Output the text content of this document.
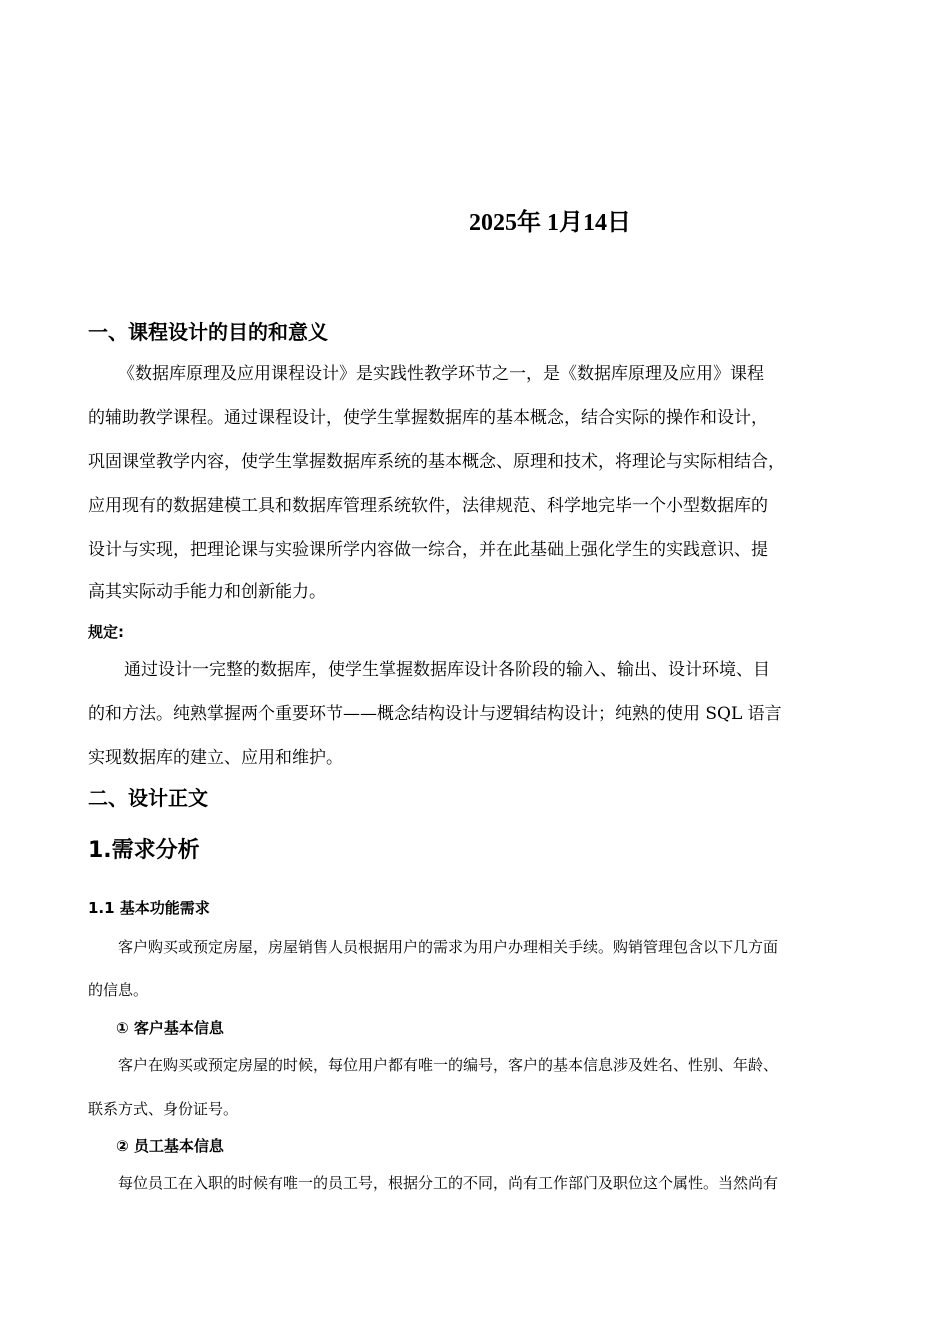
2025年 1月14日
一、课程设计的目的和意义
《数据库原理及应用课程设计》是实践性教学环节之一，是《数据库原理及应用》课程
的辅助教学课程。通过课程设计，使学生掌握数据库的基本概念，结合实际的操作和设计，
巩固课堂教学内容，使学生掌握数据库系统的基本概念、原理和技术，将理论与实际相结合，
应用现有的数据建模工具和数据库管理系统软件，法律规范、科学地完毕一个小型数据库的
设计与实现，把理论课与实验课所学内容做一综合，并在此基础上强化学生的实践意识、提
高其实际动手能力和创新能力。
规定:
通过设计一完整的数据库，使学生掌握数据库设计各阶段的输入、输出、设计环境、目
的和方法。纯熟掌握两个重要环节——概念结构设计与逻辑结构设计；纯熟的使用 SQL 语言
实现数据库的建立、应用和维护。
二、设计正文
1.需求分析
1.1 基本功能需求
客户购买或预定房屋，房屋销售人员根据用户的需求为用户办理相关手续。购销管理包含以下几方面
的信息。
① 客户基本信息
客户在购买或预定房屋的时候，每位用户都有唯一的编号，客户的基本信息涉及姓名、性别、年龄、
联系方式、身份证号。
② 员工基本信息
每位员工在入职的时候有唯一的员工号，根据分工的不同，尚有工作部门及职位这个属性。当然尚有
